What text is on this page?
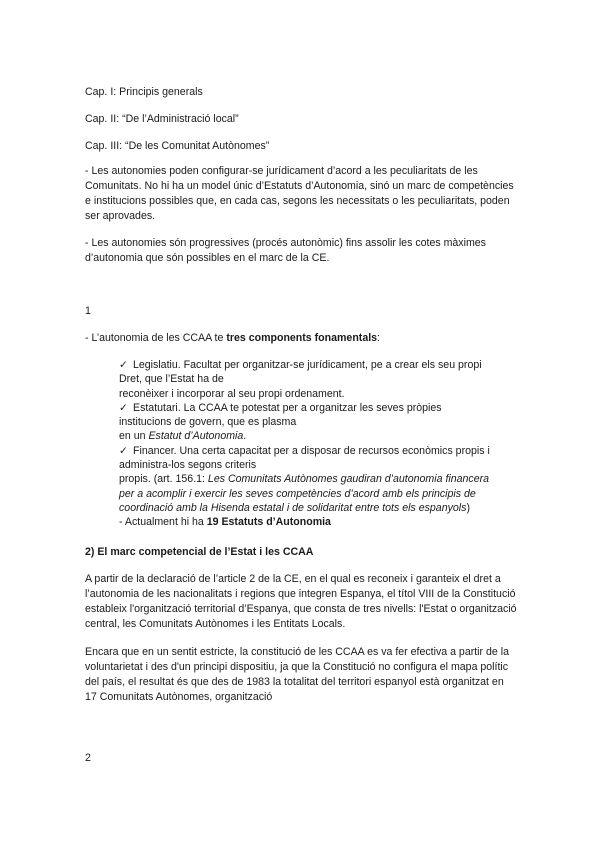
Cap. I: Principis generals
Cap. II: “De l’Administració local”
Cap. III: “De les Comunitat Autònomes”
- Les autonomies poden configurar-se jurídicament d’acord a les peculiaritats de les Comunitats. No hi ha un model únic d’Estatuts d’Autonomia, sinó un marc de competències e institucions possibles que, en cada cas, segons les necessitats o les peculiaritats, poden ser aprovades.
- Les autonomies són progressives (procés autonòmic) fins assolir les cotes màximes d’autonomia que són possibles en el marc de la CE.
1
- L’autonomia de les CCAA te tres components fonamentals:
✓ Legislatiu. Facultat per organitzar-se jurídicament, pe a crear els seu propi
Dret, que l’Estat ha de
reconèixer i incorporar al seu propi ordenament.
✓ Estatutari. La CCAA te potestat per a organitzar les seves pròpies
institucions de govern, que es plasma
en un Estatut d’Autonomia.
✓ Financer. Una certa capacitat per a disposar de recursos econòmics propis i
administra-los segons criteris
propis. (art. 156.1: Les Comunitats Autònomes gaudiran d’autonomia financera
per a acomplir i exercir les seves competències d’acord amb els principis de
coordinació amb la Hisenda estatal i de solidaritat entre tots els espanyols)
- Actualment hi ha 19 Estatuts d’Autonomia
2) El marc competencial de l’Estat i les CCAA
A partir de la declaració de l’article 2 de la CE, en el qual es reconeix i garanteix el dret a l’autonomia de les nacionalitats i regions que integren Espanya, el títol VIII de la Constitució estableix l'organització territorial d’Espanya, que consta de tres nivells: l'Estat o organització central, les Comunitats Autònomes i les Entitats Locals.
Encara que en un sentit estricte, la constitució de les CCAA es va fer efectiva a partir de la voluntarietat i des d'un principi dispositiu, ja que la Constitució no configura el mapa polític del país, el resultat és que des de 1983 la totalitat del territori espanyol està organitzat en 17 Comunitats Autònomes, organització
2
